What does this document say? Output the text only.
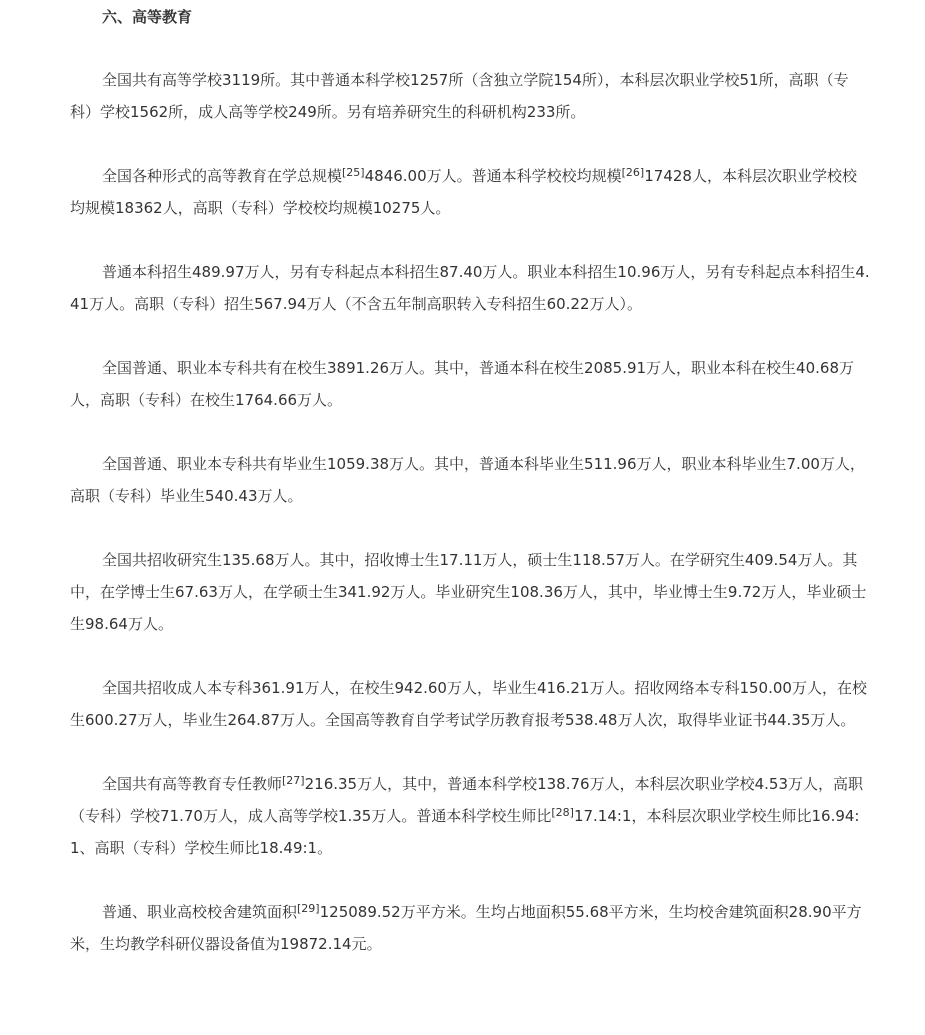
六、高等教育

全国共有高等学校3119所。其中普通本科学校1257所（含独立学院154所），本科层次职业学校51所，高职（专科）学校1562所，成人高等学校249所。另有培养研究生的科研机构233所。

全国各种形式的高等教育在学总规模[25]4846.00万人。普通本科学校校均规模[26]17428人，本科层次职业学校校均规模18362人，高职（专科）学校校均规模10275人。

普通本科招生489.97万人，另有专科起点本科招生87.40万人。职业本科招生10.96万人，另有专科起点本科招生4.41万人。高职（专科）招生567.94万人（不含五年制高职转入专科招生60.22万人）。

全国普通、职业本专科共有在校生3891.26万人。其中，普通本科在校生2085.91万人，职业本科在校生40.68万人，高职（专科）在校生1764.66万人。

全国普通、职业本专科共有毕业生1059.38万人。其中，普通本科毕业生511.96万人，职业本科毕业生7.00万人，高职（专科）毕业生540.43万人。

全国共招收研究生135.68万人。其中，招收博士生17.11万人，硕士生118.57万人。在学研究生409.54万人。其中，在学博士生67.63万人，在学硕士生341.92万人。毕业研究生108.36万人，其中，毕业博士生9.72万人，毕业硕士生98.64万人。

全国共招收成人本专科361.91万人，在校生942.60万人，毕业生416.21万人。招收网络本专科150.00万人，在校生600.27万人，毕业生264.87万人。全国高等教育自学考试学历教育报考538.48万人次，取得毕业证书44.35万人。

全国共有高等教育专任教师[27]216.35万人，其中，普通本科学校138.76万人，本科层次职业学校4.53万人，高职（专科）学校71.70万人，成人高等学校1.35万人。普通本科学校生师比[28]17.14:1，本科层次职业学校生师比16.94:1、高职（专科）学校生师比18.49:1。

普通、职业高校校舍建筑面积[29]125089.52万平方米。生均占地面积55.68平方米，生均校舍建筑面积28.90平方米，生均教学科研仪器设备值为19872.14元。
